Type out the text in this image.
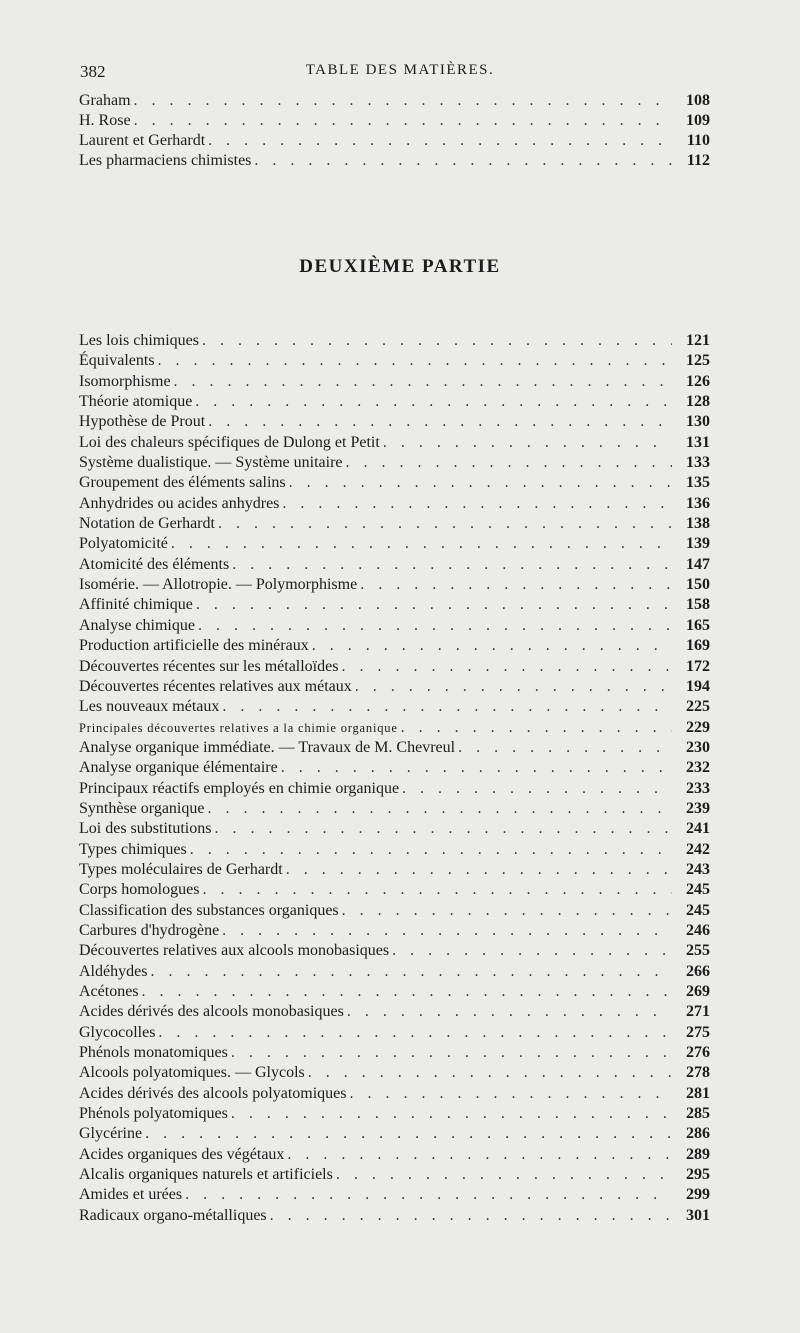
382	TABLE DES MATIÈRES.
Graham . . .	108
H. Rose . . .	109
Laurent et Gerhardt . . .	110
Les pharmaciens chimistes . . .	112
DEUXIÈME PARTIE
Les lois chimiques . . .	121
Équivalents . . .	125
Isomorphisme . . .	126
Théorie atomique . . .	128
Hypothèse de Prout . . .	130
Loi des chaleurs spécifiques de Dulong et Petit . . .	131
Système dualistique. — Système unitaire . . .	133
Groupement des éléments salins . . .	135
Anhydrides ou acides anhydres . . .	136
Notation de Gerhardt . . .	138
Polyatomicité . . .	139
Atomicité des éléments . . .	147
Isomérie. — Allotropie. — Polymorphisme . . .	150
Affinité chimique . . .	158
Analyse chimique . . .	165
Production artificielle des minéraux . . .	169
Découvertes récentes sur les métalloïdes . . .	172
Découvertes récentes relatives aux métaux . . .	194
Les nouveaux métaux . . .	225
Principales découvertes relatives a la chimie organique . . .	229
Analyse organique immédiate. — Travaux de M. Chevreul . . .	230
Analyse organique élémentaire . . .	232
Principaux réactifs employés en chimie organique . . .	233
Synthèse organique . . .	239
Loi des substitutions . . .	241
Types chimiques . . .	242
Types moléculaires de Gerhardt . . .	243
Corps homologues . . .	245
Classification des substances organiques . . .	245
Carbures d'hydrogène . . .	246
Découvertes relatives aux alcools monobasiques . . .	255
Aldéhydes . . .	266
Acétones . . .	269
Acides dérivés des alcools monobasiques . . .	271
Glycocolles . . .	275
Phénols monatomiques . . .	276
Alcools polyatomiques. — Glycols . . .	278
Acides dérivés des alcools polyatomiques . . .	281
Phénols polyatomiques . . .	285
Glycérine . . .	286
Acides organiques des végétaux . . .	289
Alcalis organiques naturels et artificiels . . .	295
Amides et urées . . .	299
Radicaux organo-métalliques . . .	301
